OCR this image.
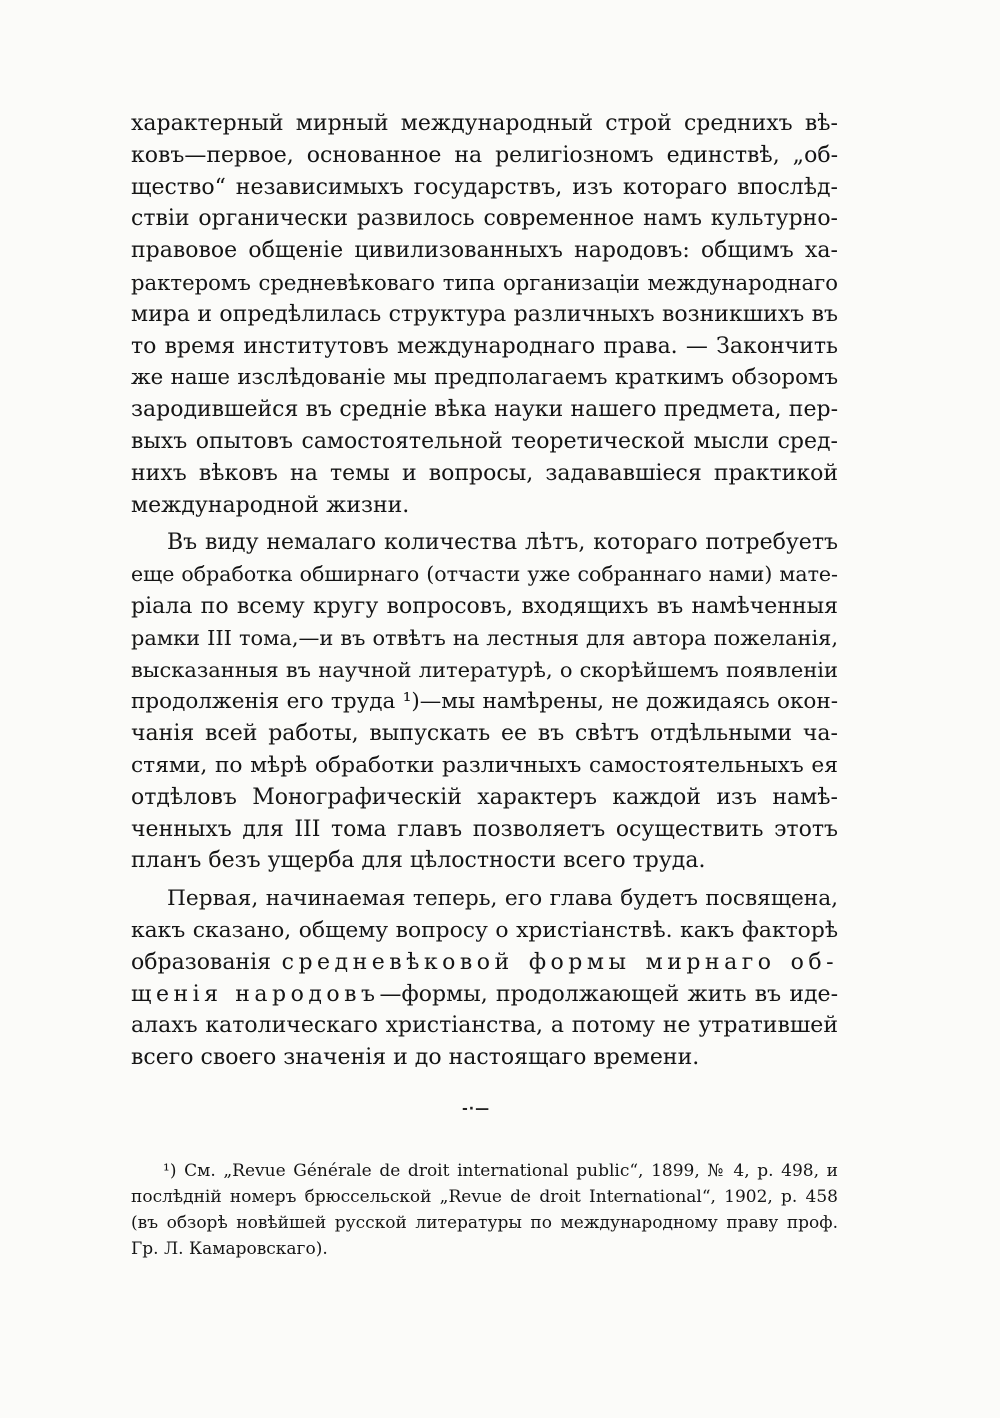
характерный мирный международный строй среднихъ вѣ-
ковъ—первое, основанное на религіозномъ единствѣ, „об-
щество“ независимыхъ государствъ, изъ котораго впослѣд-
ствіи органически развилось современное намъ культурно-
правовое общеніе цивилизованныхъ народовъ: общимъ ха-
рактеромъ средневѣковаго типа организаціи международнаго
мира и опредѣлилась структура различныхъ возникшихъ въ
то время институтовъ международнаго права. — Закончить
же наше изслѣдованіе мы предполагаемъ краткимъ обзоромъ
зародившейся въ средніе вѣка науки нашего предмета, пер-
выхъ опытовъ самостоятельной теоретической мысли сред-
нихъ вѣковъ на темы и вопросы, задававшіеся практикой
международной жизни.
Въ виду немалаго количества лѣтъ, котораго потребуетъ
еще обработка обширнаго (отчасти уже собраннаго нами) мате-
ріала по всему кругу вопросовъ, входящихъ въ намѣченныя
рамки III тома,—и въ отвѣтъ на лестныя для автора пожеланія,
высказанныя въ научной литературѣ, о скорѣйшемъ появленіи
продолженія его труда ¹)—мы намѣрены, не дожидаясь окон-
чанія всей работы, выпускать ее въ свѣтъ отдѣльными ча-
стями, по мѣрѣ обработки различныхъ самостоятельныхъ ея
отдѣловъ Монографическій характеръ каждой изъ намѣ-
ченныхъ для III тома главъ позволяетъ осуществить этотъ
планъ безъ ущерба для цѣлостности всего труда.
Первая, начинаемая теперь, его глава будетъ посвящена,
какъ сказано, общему вопросу о христіанствѣ. какъ факторѣ
образованія средневѣковой формы мирнаго об-
щенія народовъ—формы, продолжающей жить въ иде-
алахъ католическаго христіанства, а потому не утратившей
всего своего значенія и до настоящаго времени.
-·—
¹) См. „Revue Générale de droit international public“, 1899, № 4, p. 498, и
послѣдній номеръ брюссельской „Revue de droit International“, 1902, p. 458
(въ обзорѣ новѣйшей русской литературы по международному праву проф.
Гр. Л. Камаровскаго).
